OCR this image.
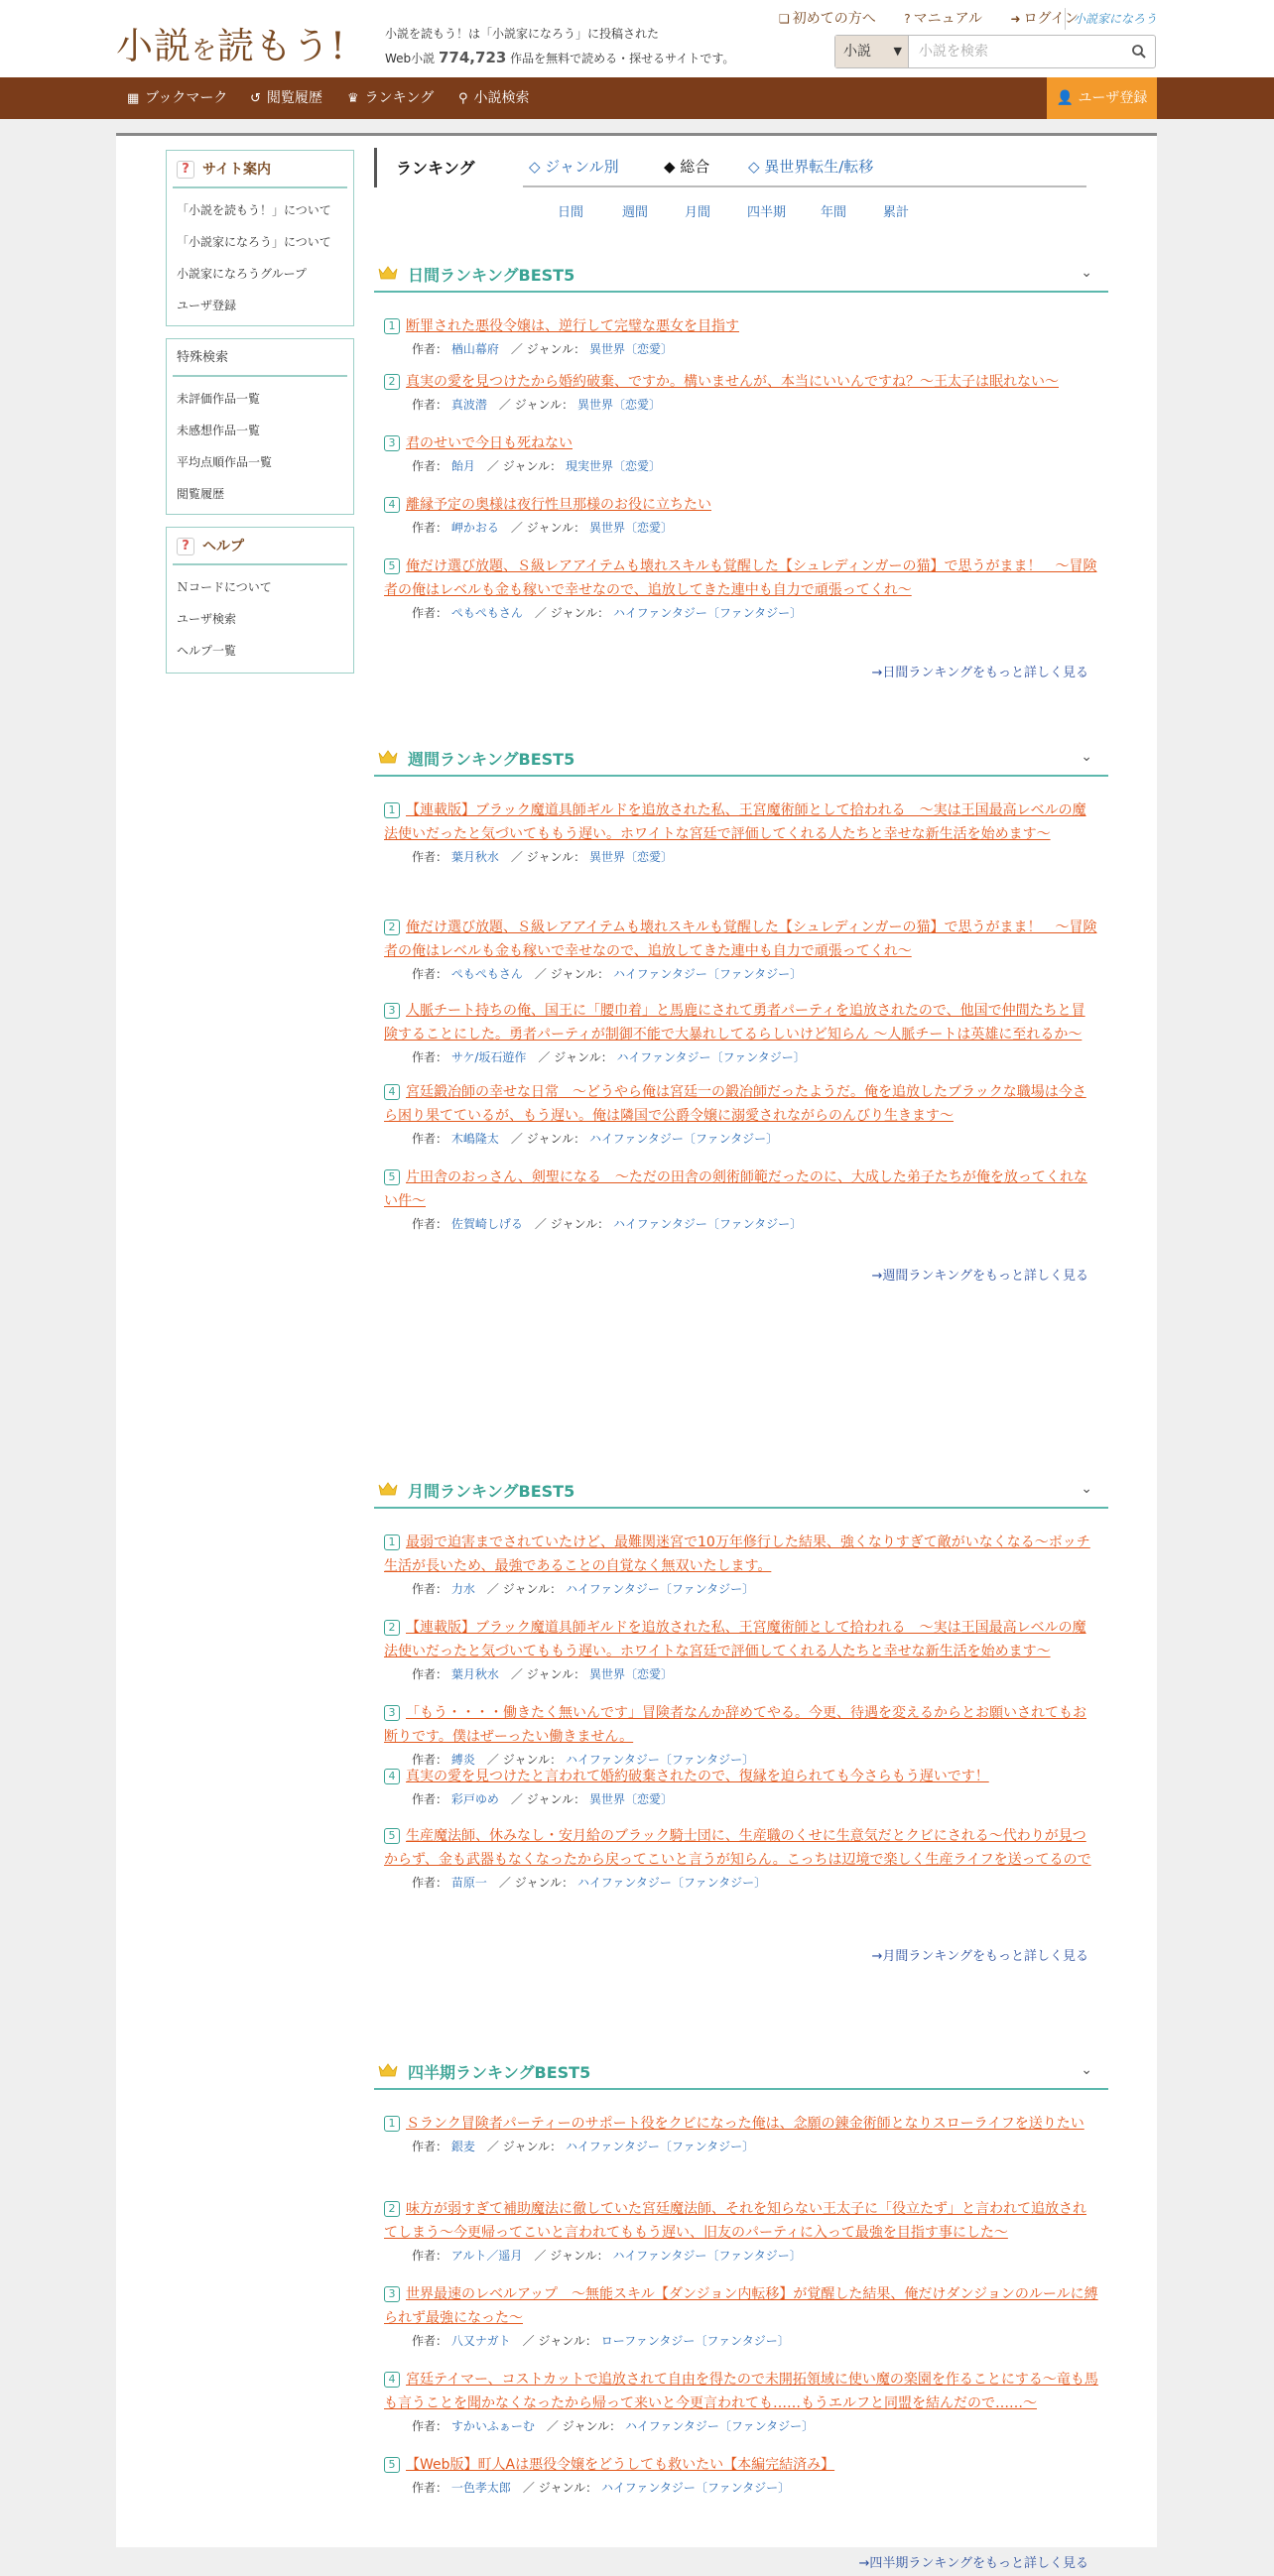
小説を読もう!	小説を読もう！は「小説家になろう」に投稿された
Web小説 774,723 作品を無料で読める・探せるサイトです。
❏ 初めての方へ ? マニュアル ➜ ログイン
小説家になろう
小説 ▼ 小説を検索
▦ ブックマーク ↺ 閲覧履歴 ♛ ランキング ⚲ 小説検索	👤 ユーザ登録
? サイト案内
「小説を読もう！」について
「小説家になろう」について
小説家になろうグループ
ユーザ登録
特殊検索
未評価作品一覧
未感想作品一覧
平均点順作品一覧
閲覧履歴
? ヘルプ
Ｎコードについて
ユーザ検索
ヘルプ一覧
ランキング	◇ ジャンル別	◆ 総合	◇ 異世界転生/転移
日間	週間	月間	四半期	年間	累計
日間ランキングBEST5	⌄
1 断罪された悪役令嬢は、逆行して完璧な悪女を目指す
作者： 楢山幕府　／ ジャンル： 異世界〔恋愛〕
2 真実の愛を見つけたから婚約破棄、ですか。構いませんが、本当にいいんですね？〜王太子は眠れない〜
作者： 真波潜　／ ジャンル： 異世界〔恋愛〕
3 君のせいで今日も死ねない
作者： 飴月　／ ジャンル： 現実世界〔恋愛〕
4 離縁予定の奥様は夜行性旦那様のお役に立ちたい
作者： 岬かおる　／ ジャンル： 異世界〔恋愛〕
5 俺だけ選び放題、Ｓ級レアアイテムも壊れスキルも覚醒した【シュレディンガーの猫】で思うがまま！　〜冒険者の俺はレベルも金も稼いで幸せなので、追放してきた連中も自力で頑張ってくれ〜
作者： ぺもぺもさん　／ ジャンル： ハイファンタジー〔ファンタジー〕
→日間ランキングをもっと詳しく見る
週間ランキングBEST5	⌄
1 【連載版】ブラック魔道具師ギルドを追放された私、王宮魔術師として拾われる　〜実は王国最高レベルの魔法使いだったと気づいてももう遅い。ホワイトな宮廷で評価してくれる人たちと幸せな新生活を始めます〜
作者： 葉月秋水　／ ジャンル： 異世界〔恋愛〕
2 俺だけ選び放題、Ｓ級レアアイテムも壊れスキルも覚醒した【シュレディンガーの猫】で思うがまま！　〜冒険者の俺はレベルも金も稼いで幸せなので、追放してきた連中も自力で頑張ってくれ〜
作者： ぺもぺもさん　／ ジャンル： ハイファンタジー〔ファンタジー〕
3 人脈チート持ちの俺、国王に「腰巾着」と馬鹿にされて勇者パーティを追放されたので、他国で仲間たちと冒険することにした。勇者パーティが制御不能で大暴れしてるらしいけど知らん 〜人脈チートは英雄に至れるか〜
作者： サケ/坂石遊作　／ ジャンル： ハイファンタジー〔ファンタジー〕
4 宮廷鍛冶師の幸せな日常　〜どうやら俺は宮廷一の鍛冶師だったようだ。俺を追放したブラックな職場は今さら困り果てているが、もう遅い。俺は隣国で公爵令嬢に溺愛されながらのんびり生きます〜
作者： 木嶋隆太　／ ジャンル： ハイファンタジー〔ファンタジー〕
5 片田舎のおっさん、剣聖になる　〜ただの田舎の剣術師範だったのに、大成した弟子たちが俺を放ってくれない件〜
作者： 佐賀崎しげる　／ ジャンル： ハイファンタジー〔ファンタジー〕
→週間ランキングをもっと詳しく見る
月間ランキングBEST5	⌄
1 最弱で迫害までされていたけど、最難関迷宮で10万年修行した結果、強くなりすぎて敵がいなくなる〜ボッチ生活が長いため、最強であることの自覚なく無双いたします。
作者： 力水　／ ジャンル： ハイファンタジー〔ファンタジー〕
2 【連載版】ブラック魔道具師ギルドを追放された私、王宮魔術師として拾われる　〜実は王国最高レベルの魔法使いだったと気づいてももう遅い。ホワイトな宮廷で評価してくれる人たちと幸せな新生活を始めます〜
作者： 葉月秋水　／ ジャンル： 異世界〔恋愛〕
3 「もう・・・・働きたく無いんです」冒険者なんか辞めてやる。今更、待遇を変えるからとお願いされてもお断りです。僕はぜーったい働きません。
作者： 縛炎　／ ジャンル： ハイファンタジー〔ファンタジー〕
4 真実の愛を見つけたと言われて婚約破棄されたので、復縁を迫られても今さらもう遅いです！
作者： 彩戸ゆめ　／ ジャンル： 異世界〔恋愛〕
5 生産魔法師、休みなし・安月給のブラック騎士団に、生産職のくせに生意気だとクビにされる〜代わりが見つからず、金も武器もなくなったから戻ってこいと言うが知らん。こっちは辺境で楽しく生産ライフを送ってるので
作者： 苗原一　／ ジャンル： ハイファンタジー〔ファンタジー〕
→月間ランキングをもっと詳しく見る
四半期ランキングBEST5	⌄
1 Ｓランク冒険者パーティーのサポート役をクビになった俺は、念願の錬金術師となりスローライフを送りたい
作者： 銀麦　／ ジャンル： ハイファンタジー〔ファンタジー〕
2 味方が弱すぎて補助魔法に徹していた宮廷魔法師、それを知らない王太子に「役立たず」と言われて追放されてしまう〜今更帰ってこいと言われてももう遅い、旧友のパーティに入って最強を目指す事にした〜
作者： アルト／遥月　／ ジャンル： ハイファンタジー〔ファンタジー〕
3 世界最速のレベルアップ　〜無能スキル【ダンジョン内転移】が覚醒した結果、俺だけダンジョンのルールに縛られず最強になった〜
作者： 八又ナガト　／ ジャンル： ローファンタジー〔ファンタジー〕
4 宮廷テイマー、コストカットで追放されて自由を得たので未開拓領域に使い魔の楽園を作ることにする〜竜も馬も言うことを聞かなくなったから帰って来いと今更言われても……もうエルフと同盟を結んだので……〜
作者： すかいふぁーむ　／ ジャンル： ハイファンタジー〔ファンタジー〕
5 【Web版】町人Aは悪役令嬢をどうしても救いたい【本編完結済み】
作者： 一色孝太郎　／ ジャンル： ハイファンタジー〔ファンタジー〕
→四半期ランキングをもっと詳しく見る
